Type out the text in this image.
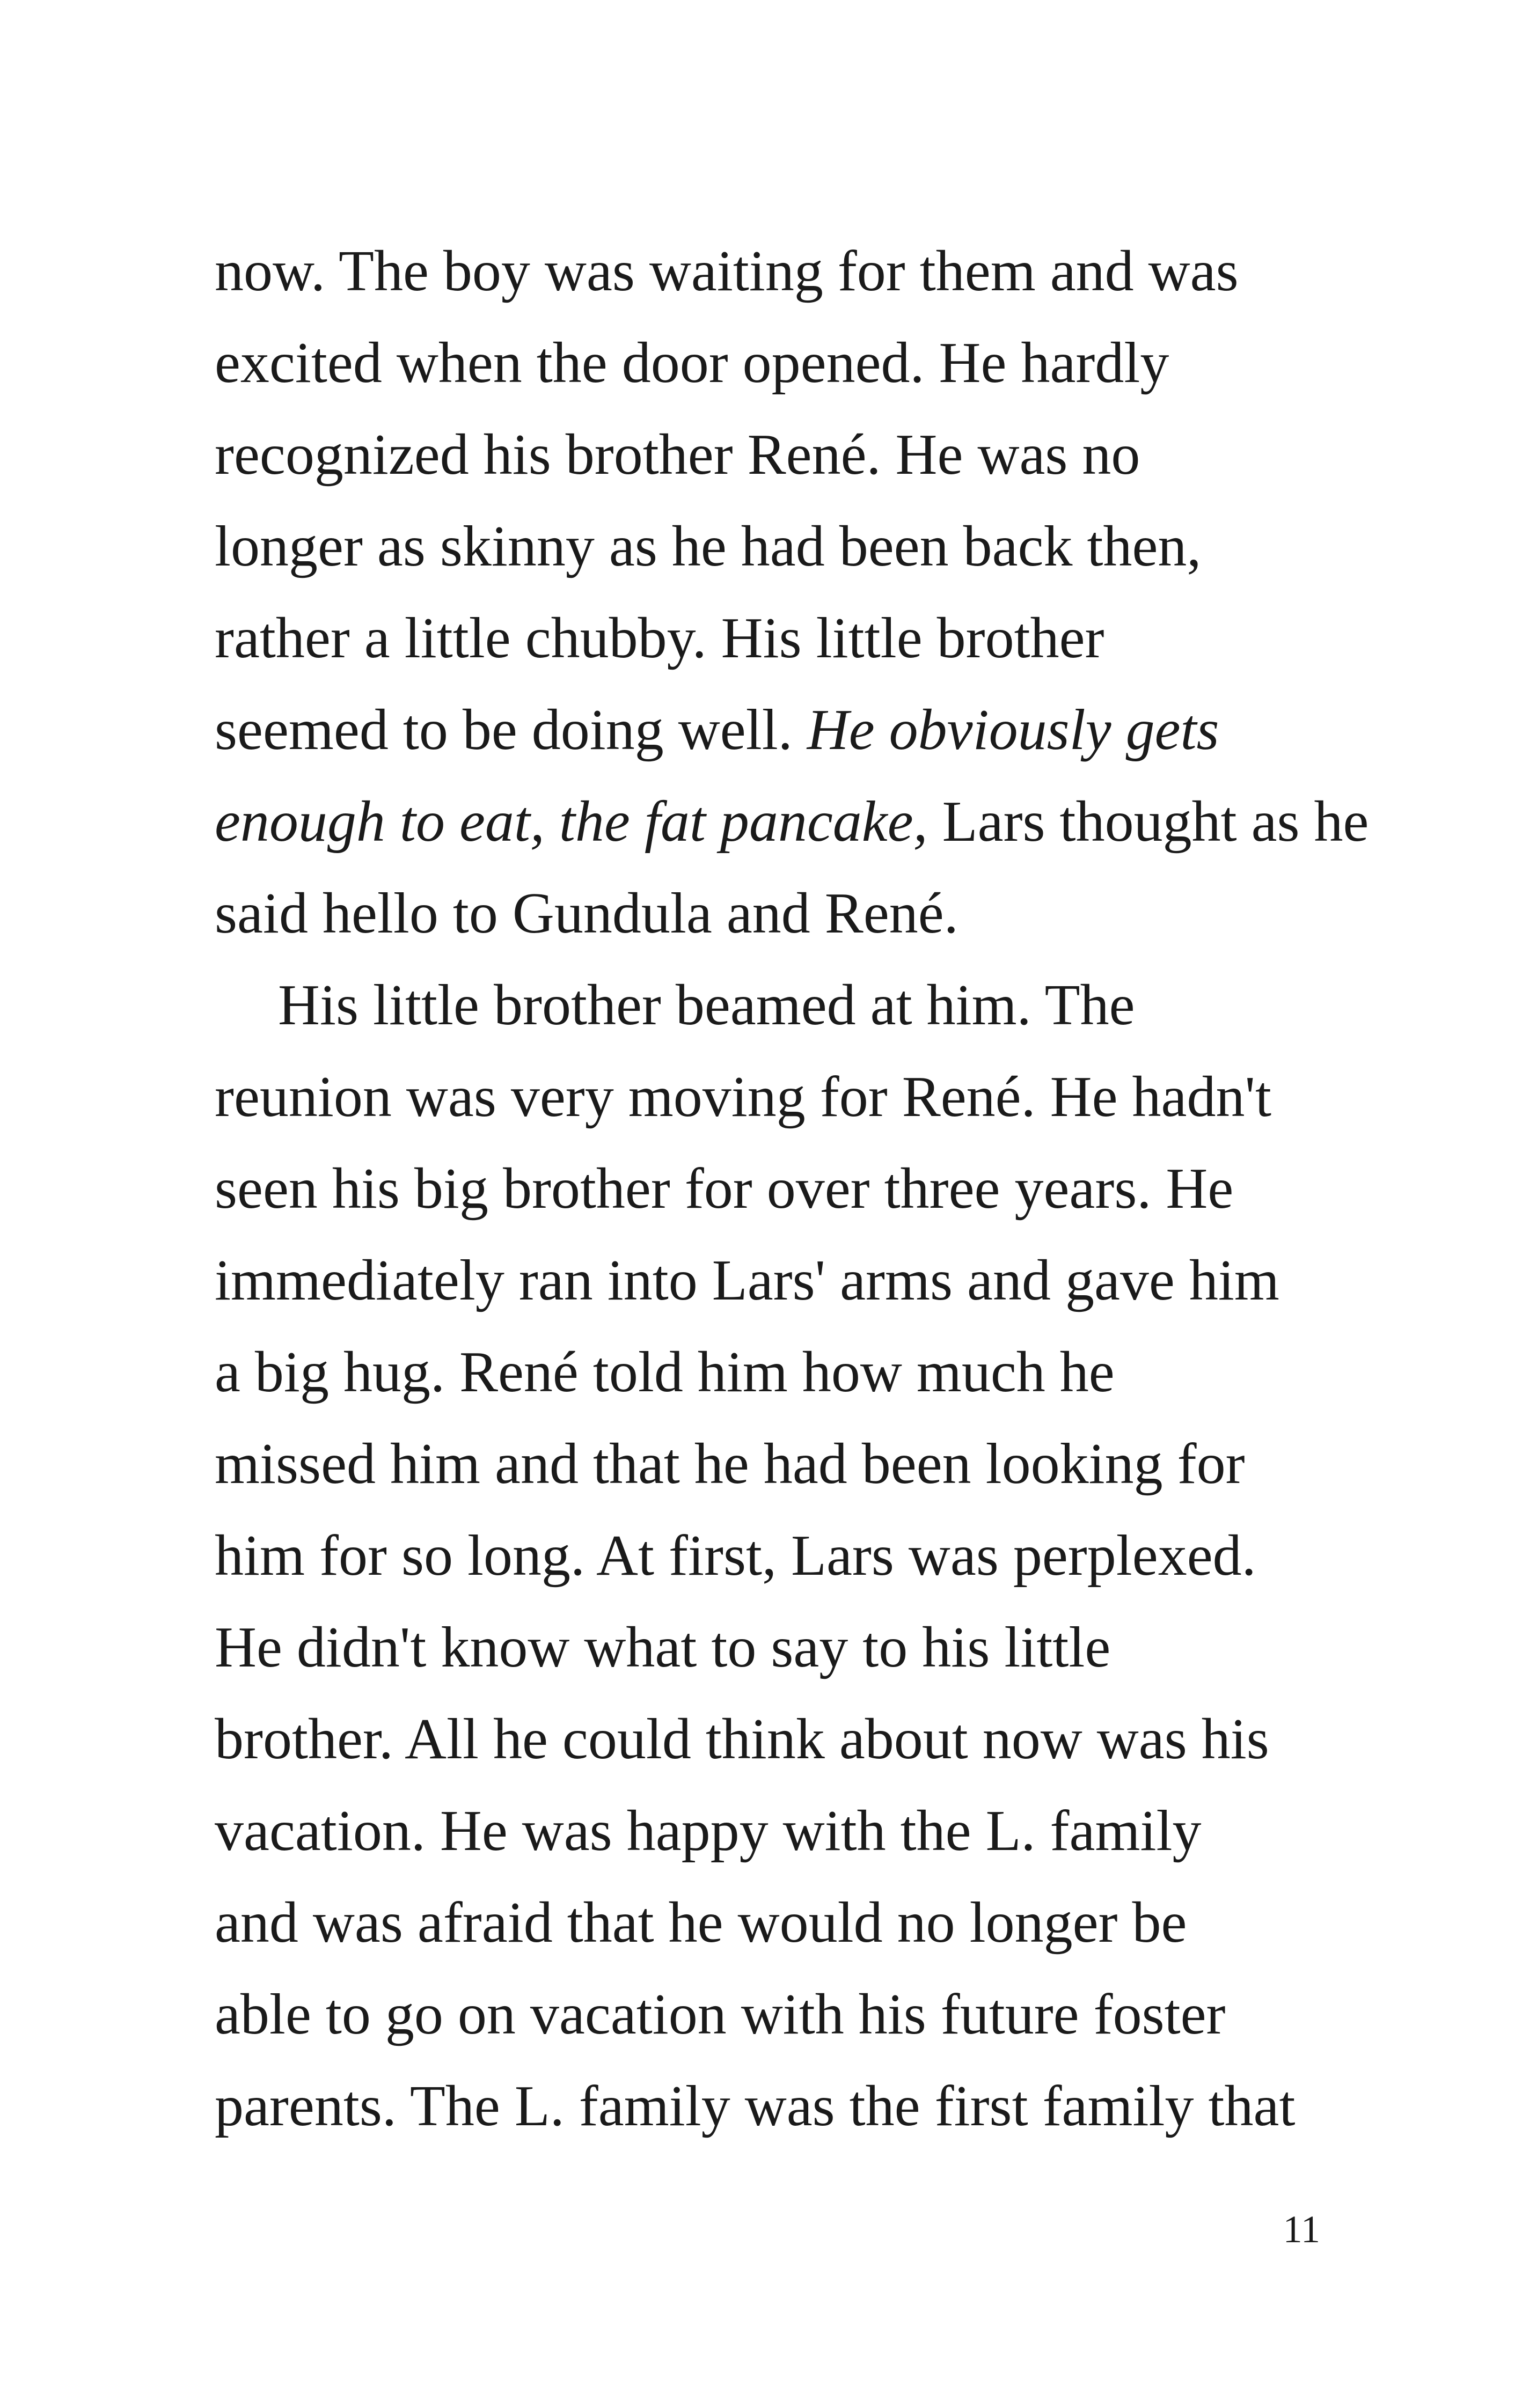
now. The boy was waiting for them and was
excited when the door opened. He hardly
recognized his brother René. He was no
longer as skinny as he had been back then,
rather a little chubby. His little brother
seemed to be doing well. He obviously gets
enough to eat, the fat pancake, Lars thought as he
said hello to Gundula and René.
His little brother beamed at him. The
reunion was very moving for René. He hadn't
seen his big brother for over three years. He
immediately ran into Lars' arms and gave him
a big hug. René told him how much he
missed him and that he had been looking for
him for so long. At first, Lars was perplexed.
He didn't know what to say to his little
brother. All he could think about now was his
vacation. He was happy with the L. family
and was afraid that he would no longer be
able to go on vacation with his future foster
parents. The L. family was the first family that
11
